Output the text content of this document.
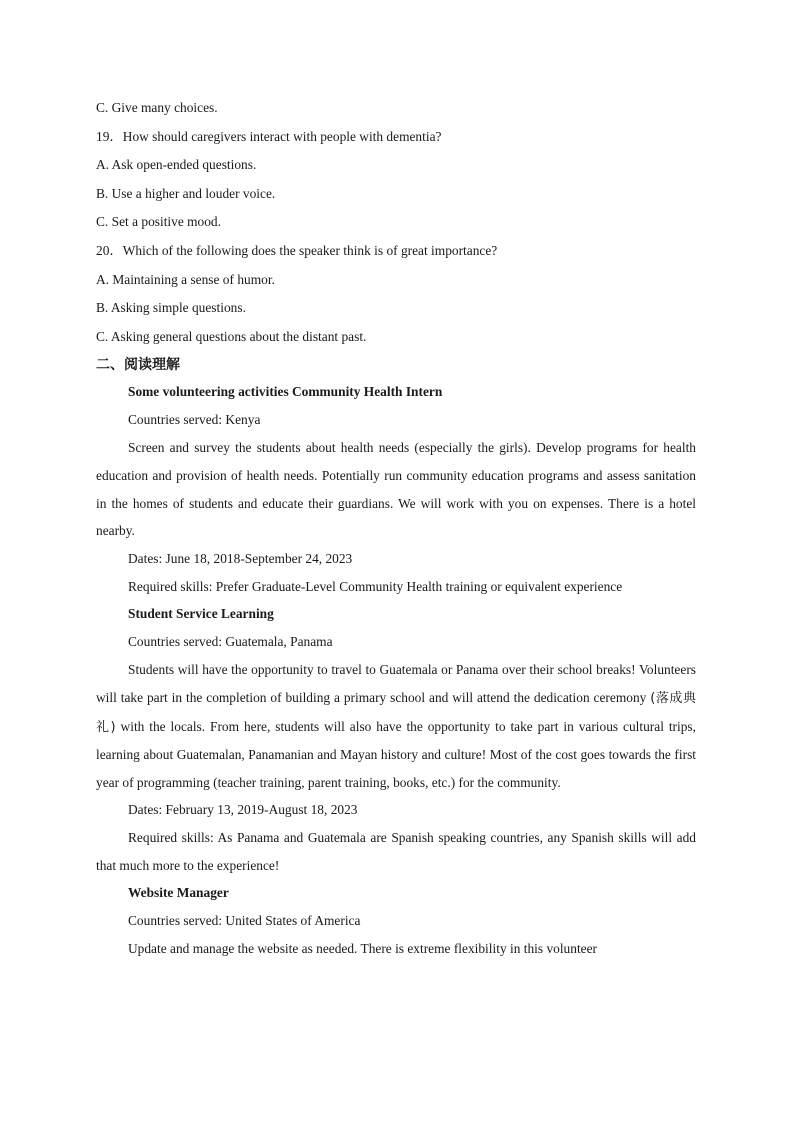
C. Give many choices.
19．How should caregivers interact with people with dementia?
A. Ask open-ended questions.
B. Use a higher and louder voice.
C. Set a positive mood.
20．Which of the following does the speaker think is of great importance?
A. Maintaining a sense of humor.
B. Asking simple questions.
C. Asking general questions about the distant past.
二、阅读理解
Some volunteering activities Community Health Intern
Countries served: Kenya
Screen and survey the students about health needs (especially the girls). Develop programs for health education and provision of health needs. Potentially run community education programs and assess sanitation in the homes of students and educate their guardians. We will work with you on expenses. There is a hotel nearby.
Dates: June 18, 2018-September 24, 2023
Required skills: Prefer Graduate-Level Community Health training or equivalent experience
Student Service Learning
Countries served: Guatemala, Panama
Students will have the opportunity to travel to Guatemala or Panama over their school breaks! Volunteers will take part in the completion of building a primary school and will attend the dedication ceremony (落成典礼) with the locals. From here, students will also have the opportunity to take part in various cultural trips, learning about Guatemalan, Panamanian and Mayan history and culture! Most of the cost goes towards the first year of programming (teacher training, parent training, books, etc.) for the community.
Dates: February 13, 2019-August 18, 2023
Required skills: As Panama and Guatemala are Spanish speaking countries, any Spanish skills will add that much more to the experience!
Website Manager
Countries served: United States of America
Update and manage the website as needed. There is extreme flexibility in this volunteer
